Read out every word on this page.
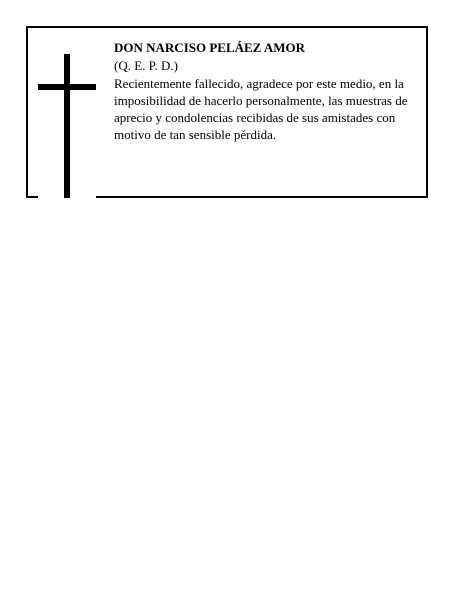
DON NARCISO PELÁEZ AMOR

(Q. E. P. D.)

Recientemente fallecido, agradece por este medio, en la imposibilidad de hacerlo personalmente, las muestras de aprecio y condolencias recibidas de sus amistades con motivo de tan sensible pérdida.
